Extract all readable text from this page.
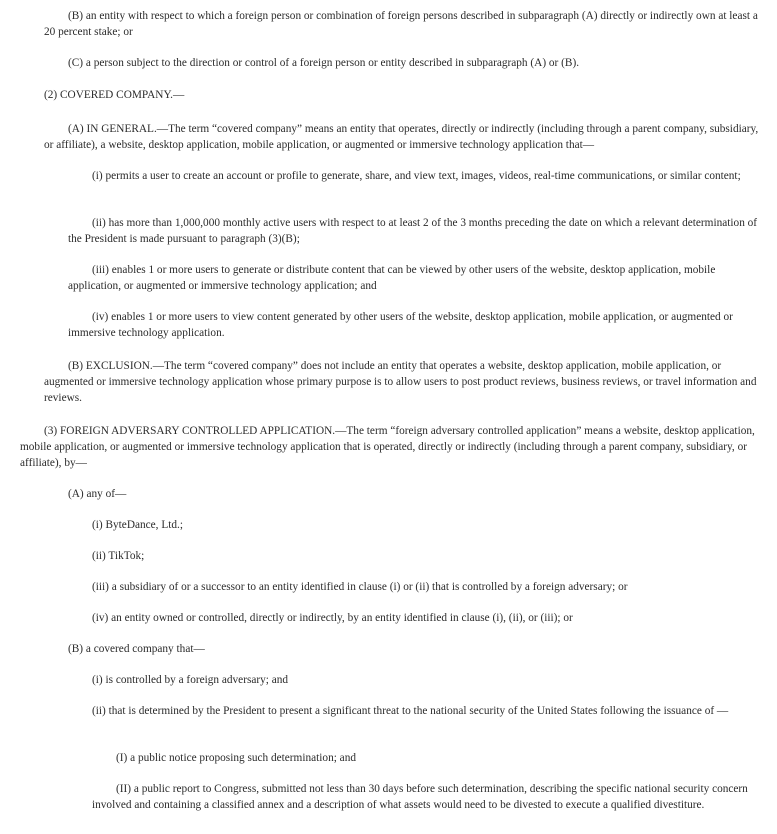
(B) an entity with respect to which a foreign person or combination of foreign persons described in subparagraph (A) directly or indirectly own at least a 20 percent stake; or

(C) a person subject to the direction or control of a foreign person or entity described in subparagraph (A) or (B).

(2) COVERED COMPANY.—

(A) IN GENERAL.—The term “covered company” means an entity that operates, directly or indirectly (including through a parent company, subsidiary, or affiliate), a website, desktop application, mobile application, or augmented or immersive technology application that—

(i) permits a user to create an account or profile to generate, share, and view text, images, videos, real-time communications, or similar content;

(ii) has more than 1,000,000 monthly active users with respect to at least 2 of the 3 months preceding the date on which a relevant determination of the President is made pursuant to paragraph (3)(B);

(iii) enables 1 or more users to generate or distribute content that can be viewed by other users of the website, desktop application, mobile application, or augmented or immersive technology application; and

(iv) enables 1 or more users to view content generated by other users of the website, desktop application, mobile application, or augmented or immersive technology application.

(B) EXCLUSION.—The term “covered company” does not include an entity that operates a website, desktop application, mobile application, or augmented or immersive technology application whose primary purpose is to allow users to post product reviews, business reviews, or travel information and reviews.

(3) FOREIGN ADVERSARY CONTROLLED APPLICATION.—The term “foreign adversary controlled application” means a website, desktop application, mobile application, or augmented or immersive technology application that is operated, directly or indirectly (including through a parent company, subsidiary, or affiliate), by—

(A) any of—

(i) ByteDance, Ltd.;

(ii) TikTok;

(iii) a subsidiary of or a successor to an entity identified in clause (i) or (ii) that is controlled by a foreign adversary; or

(iv) an entity owned or controlled, directly or indirectly, by an entity identified in clause (i), (ii), or (iii); or

(B) a covered company that—

(i) is controlled by a foreign adversary; and

(ii) that is determined by the President to present a significant threat to the national security of the United States following the issuance of —

(I) a public notice proposing such determination; and

(II) a public report to Congress, submitted not less than 30 days before such determination, describing the specific national security concern involved and containing a classified annex and a description of what assets would need to be divested to execute a qualified divestiture.
